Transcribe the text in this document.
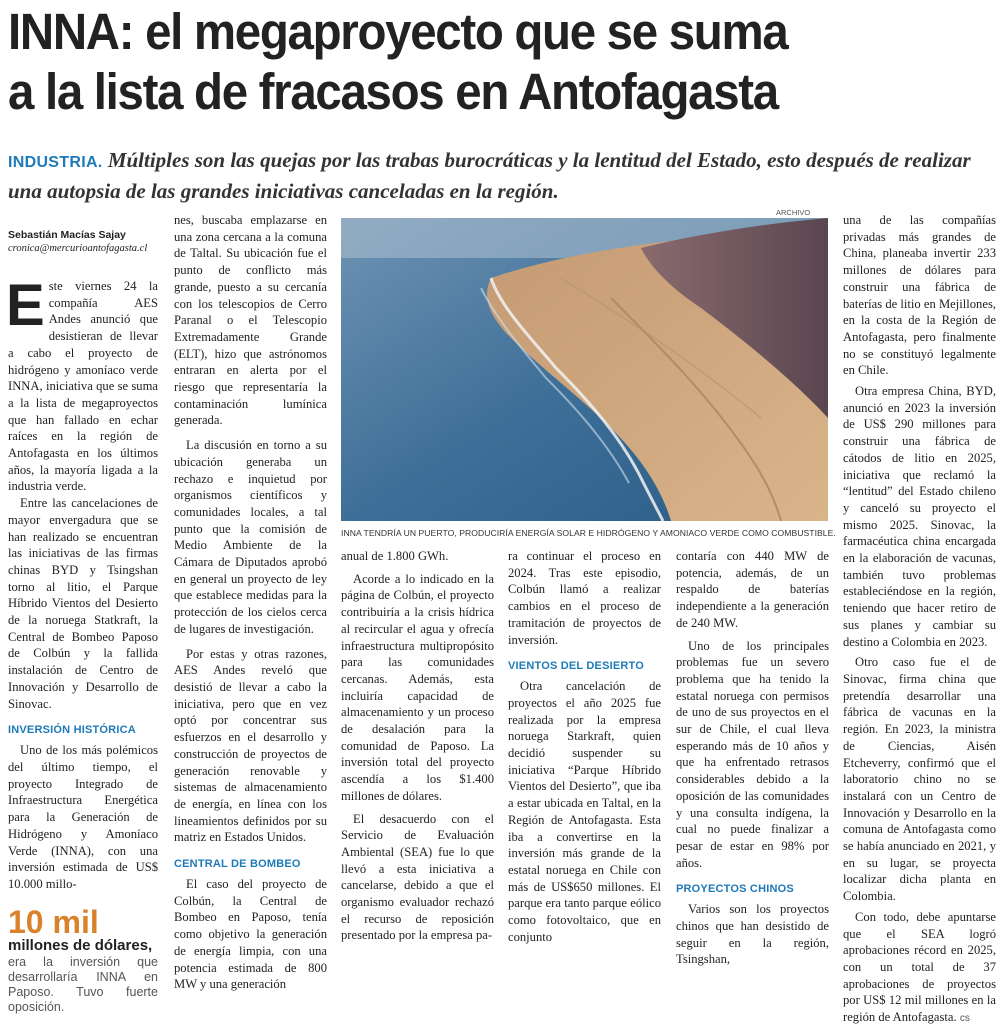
INNA: el megaproyecto que se suma
a la lista de fracasos en Antofagasta
INDUSTRIA. Múltiples son las quejas por las trabas burocráticas y la lentitud del Estado, esto después de realizar una autopsia de las grandes iniciativas canceladas en la región.
Sebastián Macías Sajay
cronica@mercurioantofagasta.cl

Este viernes 24 la compañía AES Andes anunció que desistieran de llevar a cabo el proyecto de hidrógeno y amoníaco verde INNA, iniciativa que se suma a la lista de megaproyectos que han fallado en echar raíces en la región de Antofagasta en los últimos años, la mayoría ligada a la industria verde.

Entre las cancelaciones de mayor envergadura que se han realizado se encuentran las iniciativas de las firmas chinas BYD y Tsingshan torno al litio, el Parque Híbrido Vientos del Desierto de la noruega Statkraft, la Central de Bombeo Paposo de Colbún y la fallida instalación de Centro de Innovación y Desarrollo de Sinovac.

INVERSIÓN HISTÓRICA

Uno de los más polémicos del último tiempo, el proyecto Integrado de Infraestructura Energética para la Generación de Hidrógeno y Amoníaco Verde (INNA), con una inversión estimada de US$ 10.000 millo-

10 mil
millones de dólares,
era la inversión que desarrollaría INNA en Paposo. Tuvo fuerte oposición.

nes, buscaba emplazarse en una zona cercana a la comuna de Taltal. Su ubicación fue el punto de conflicto más grande, puesto a su cercanía con los telescopios de Cerro Paranal o el Telescopio Extremadamente Grande (ELT), hizo que astrónomos entraran en alerta por el riesgo que representaría la contaminación lumínica generada.

La discusión en torno a su ubicación generaba un rechazo e inquietud por organismos científicos y comunidades locales, a tal punto que la comisión de Medio Ambiente de la Cámara de Diputados aprobó en general un proyecto de ley que establece medidas para la protección de los cielos cerca de lugares de investigación.

Por estas y otras razones, AES Andes reveló que desistió de llevar a cabo la iniciativa, pero que en vez optó por concentrar sus esfuerzos en el desarrollo y construcción de proyectos de generación renovable y sistemas de almacenamiento de energía, en línea con los lineamientos definidos por su matriz en Estados Unidos.

CENTRAL DE BOMBEO

El caso del proyecto de Colbún, la Central de Bombeo en Paposo, tenía como objetivo la generación de energía limpia, con una potencia estimada de 800 MW y una generación

ARCHIVO
INNA TENDRÍA UN PUERTO, PRODUCIRÍA ENERGÍA SOLAR E HIDRÓGENO Y AMONIACO VERDE COMO COMBUSTIBLE.

anual de 1.800 GWh.

Acorde a lo indicado en la página de Colbún, el proyecto contribuiría a la crisis hídrica al recircular el agua y ofrecía infraestructura multipropósito para las comunidades cercanas. Además, esta incluiría capacidad de almacenamiento y un proceso de desalación para la comunidad de Paposo. La inversión total del proyecto ascendía a los $1.400 millones de dólares.

El desacuerdo con el Servicio de Evaluación Ambiental (SEA) fue lo que llevó a esta iniciativa a cancelarse, debido a que el organismo evaluador rechazó el recurso de reposición presentado por la empresa pa-

ra continuar el proceso en 2024. Tras este episodio, Colbún llamó a realizar cambios en el proceso de tramitación de proyectos de inversión.

VIENTOS DEL DESIERTO

Otra cancelación de proyectos el año 2025 fue realizada por la empresa noruega Starkraft, quien decidió suspender su iniciativa “Parque Híbrido Vientos del Desierto”, que iba a estar ubicada en Taltal, en la Región de Antofagasta. Esta iba a convertirse en la inversión más grande de la estatal noruega en Chile con más de US$650 millones. El parque era tanto parque eólico como fotovoltaico, que en conjunto

contaría con 440 MW de potencia, además, de un respaldo de baterías independiente a la generación de 240 MW.

Uno de los principales problemas fue un severo problema que ha tenido la estatal noruega con permisos de uno de sus proyectos en el sur de Chile, el cual lleva esperando más de 10 años y que ha enfrentado retrasos considerables debido a la oposición de las comunidades y una consulta indígena, la cual no puede finalizar a pesar de estar en 98% por años.

PROYECTOS CHINOS

Varios son los proyectos chinos que han desistido de seguir en la región, Tsingshan,

una de las compañías privadas más grandes de China, planeaba invertir 233 millones de dólares para construir una fábrica de baterías de litio en Mejillones, en la costa de la Región de Antofagasta, pero finalmente no se constituyó legalmente en Chile.

Otra empresa China, BYD, anunció en 2023 la inversión de US$ 290 millones para construir una fábrica de cátodos de litio en 2025, iniciativa que reclamó la “lentitud” del Estado chileno y canceló su proyecto el mismo 2025. Sinovac, la farmacéutica china encargada en la elaboración de vacunas, también tuvo problemas estableciéndose en la región, teniendo que hacer retiro de sus planes y cambiar su destino a Colombia en 2023.

Otro caso fue el de Sinovac, firma china que pretendía desarrollar una fábrica de vacunas en la región. En 2023, la ministra de Ciencias, Aisén Etcheverry, confirmó que el laboratorio chino no se instalará con un Centro de Innovación y Desarrollo en la comuna de Antofagasta como se había anunciado en 2021, y en su lugar, se proyecta localizar dicha planta en Colombia.

Con todo, debe apuntarse que el SEA logró aprobaciones récord en 2025, con un total de 37 aprobaciones de proyectos por US$ 12 mil millones en la región de Antofagasta. cs
